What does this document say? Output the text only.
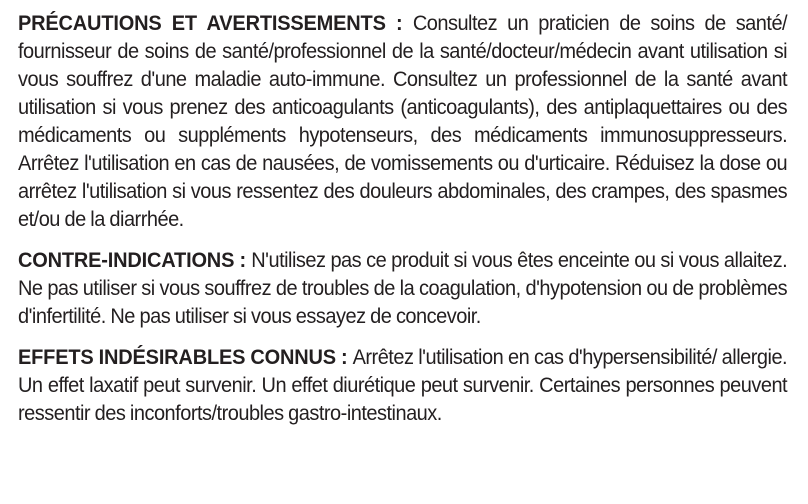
PRÉCAUTIONS ET AVERTISSEMENTS : Consultez un praticien de soins de santé/ fournisseur de soins de santé/professionnel de la santé/docteur/médecin avant utilisation si vous souffrez d'une maladie auto-immune. Consultez un professionnel de la santé avant utilisation si vous prenez des anticoagulants (anticoagulants), des antiplaquettaires ou des médicaments ou suppléments hypotenseurs, des médicaments immunosuppresseurs. Arrêtez l'utilisation en cas de nausées, de vomissements ou d'urticaire. Réduisez la dose ou arrêtez l'utilisation si vous ressentez des douleurs abdominales, des crampes, des spasmes et/ou de la diarrhée.

CONTRE-INDICATIONS : N'utilisez pas ce produit si vous êtes enceinte ou si vous allaitez. Ne pas utiliser si vous souffrez de troubles de la coagulation, d'hypotension ou de problèmes d'infertilité. Ne pas utiliser si vous essayez de concevoir.

EFFETS INDÉSIRABLES CONNUS : Arrêtez l'utilisation en cas d'hypersensibilité/ allergie. Un effet laxatif peut survenir. Un effet diurétique peut survenir. Certaines personnes peuvent ressentir des inconforts/troubles gastro-intestinaux.
